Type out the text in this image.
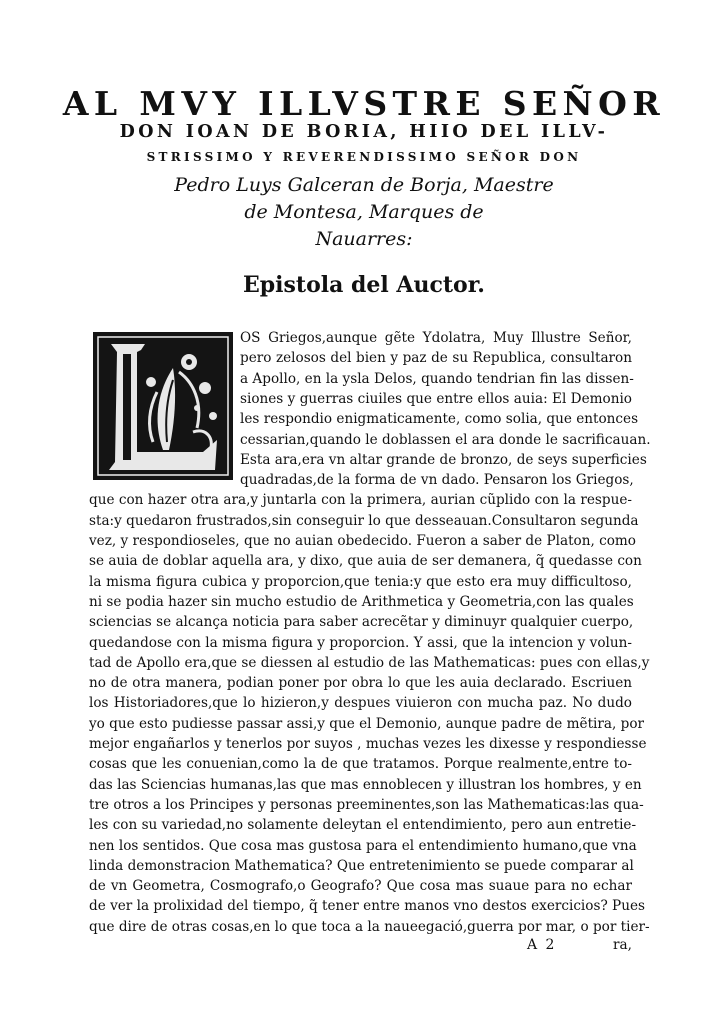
AL MVY ILLVSTRE SEÑOR
DON IOAN DE BORIA, HIIO DEL ILLV-
STRISSIMO Y REVERENDISSIMO SEÑOR DON
Pedro Luys Galceran de Borja, Maestre
de Montesa, Marques de
Nauarres:
Epistola del Auctor.
OS Griegos,aunque gẽte Ydolatra, Muy Illustre Señor,
pero zelosos del bien y paz de su Republica, consultaron
a Apollo, en la ysla Delos, quando tendrian fin las dissen-
siones y guerras ciuiles que entre ellos auia: El Demonio
les respondio enigmaticamente, como solia, que entonces
cessarian,quando le doblassen el ara donde le sacrificauan.
Esta ara,era vn altar grande de bronzo, de seys superficies
quadradas,de la forma de vn dado. Pensaron los Griegos,
que con hazer otra ara,y juntarla con la primera, aurian cũplido con la respue-
sta:y quedaron frustrados,sin conseguir lo que desseauan.Consultaron segunda
vez, y respondioseles, que no auian obedecido. Fueron a saber de Platon, como
se auia de doblar aquella ara, y dixo, que auia de ser demanera, q̃ quedasse con
la misma figura cubica y proporcion,que tenia:y que esto era muy difficultoso,
ni se podia hazer sin mucho estudio de Arithmetica y Geometria,con las quales
sciencias se alcança noticia para saber acrecẽtar y diminuyr qualquier cuerpo,
quedandose con la misma figura y proporcion. Y assi, que la intencion y volun-
tad de Apollo era,que se diessen al estudio de las Mathematicas: pues con ellas,y
no de otra manera, podian poner por obra lo que les auia declarado. Escriuen
los Historiadores,que lo hizieron,y despues viuieron con mucha paz. No dudo
yo que esto pudiesse passar assi,y que el Demonio, aunque padre de mẽtira, por
mejor engañarlos y tenerlos por suyos , muchas vezes les dixesse y respondiesse
cosas que les conuenian,como la de que tratamos. Porque realmente,entre to-
das las Sciencias humanas,las que mas ennoblecen y illustran los hombres, y en
tre otros a los Principes y personas preeminentes,son las Mathematicas:las qua-
les con su variedad,no solamente deleytan el entendimiento, pero aun entretie-
nen los sentidos. Que cosa mas gustosa para el entendimiento humano,que vna
linda demonstracion Mathematica? Que entretenimiento se puede comparar al
de vn Geometra, Cosmografo,o Geografo? Que cosa mas suaue para no echar
de ver la prolixidad del tiempo, q̃ tener entre manos vno destos exercicios? Pues
que dire de otras cosas,en lo que toca a la naueegació,guerra por mar, o por tier-
A 2	ra,
